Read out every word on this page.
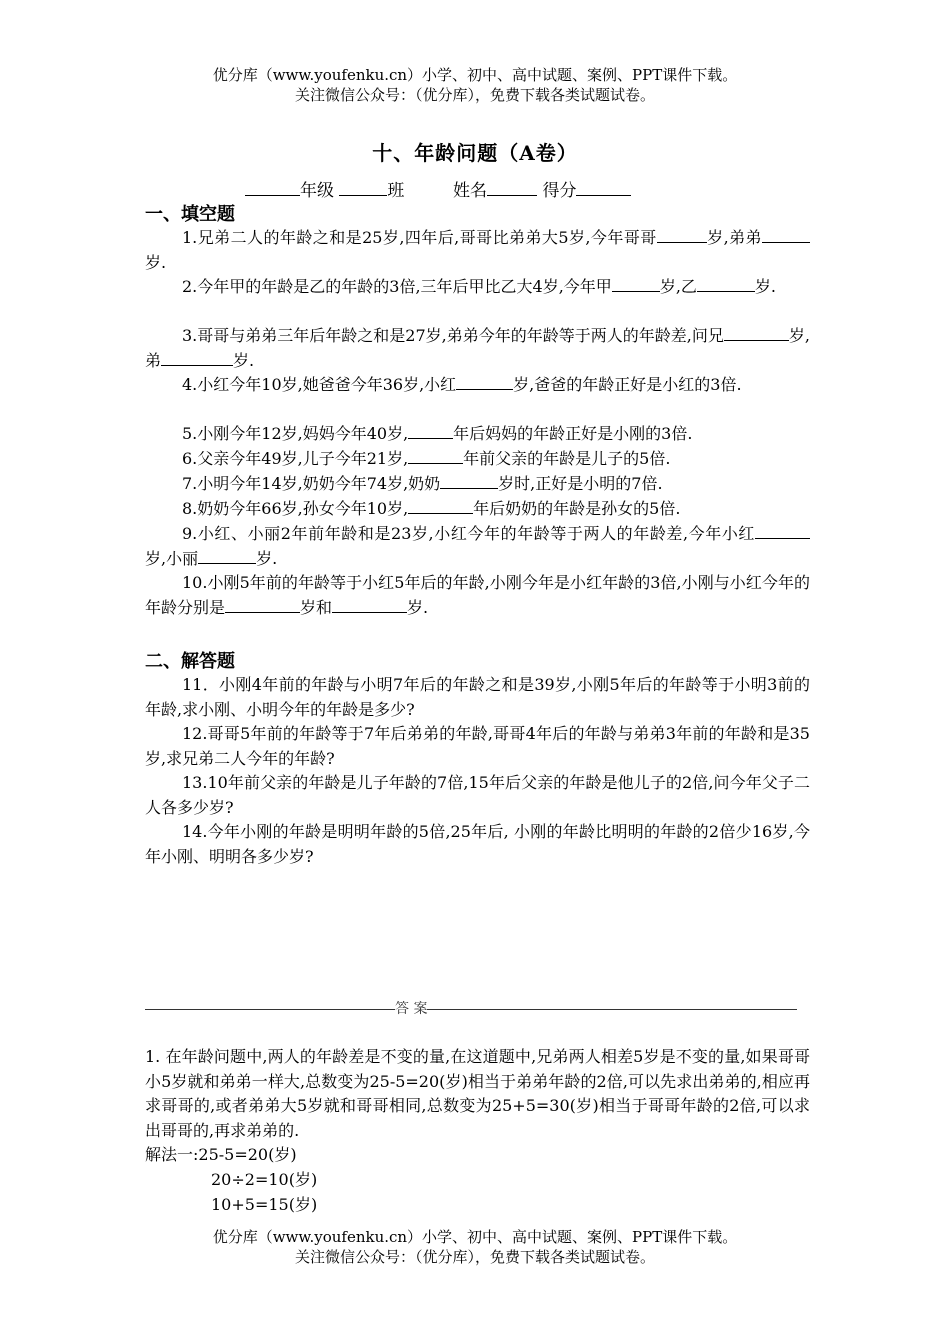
优分库（www.youfenku.cn）小学、初中、高中试题、案例、PPT课件下载。
关注微信公众号：（优分库），免费下载各类试题试卷。
十、年龄问题（A卷）
年级	班	姓名	得分
一、填空题
1.兄弟二人的年龄之和是25岁,四年后,哥哥比弟弟大5岁,今年哥哥	岁,弟弟岁.
2.今年甲的年龄是乙的年龄的3倍,三年后甲比乙大4岁,今年甲	岁,乙	岁.
3.哥哥与弟弟三年后年龄之和是27岁,弟弟今年的年龄等于两人的年龄差,问兄	岁,弟	岁.
4.小红今年10岁,她爸爸今年36岁,小红	岁,爸爸的年龄正好是小红的3倍.
5.小刚今年12岁,妈妈今年40岁,	年后妈妈的年龄正好是小刚的3倍.
6.父亲今年49岁,儿子今年21岁,	年前父亲的年龄是儿子的5倍.
7.小明今年14岁,奶奶今年74岁,奶奶	岁时,正好是小明的7倍.
8.奶奶今年66岁,孙女今年10岁,	年后奶奶的年龄是孙女的5倍.
9.小红、小丽2年前年龄和是23岁,小红今年的年龄等于两人的年龄差,今年小红岁,小丽	岁.
10.小刚5年前的年龄等于小红5年后的年龄,小刚今年是小红年龄的3倍,小刚与小红今年的年龄分别是	岁和	岁.
二、解答题
11．小刚4年前的年龄与小明7年后的年龄之和是39岁,小刚5年后的年龄等于小明3前的年龄,求小刚、小明今年的年龄是多少?
12.哥哥5年前的年龄等于7年后弟弟的年龄,哥哥4年后的年龄与弟弟3年前的年龄和是35岁,求兄弟二人今年的年龄?
13.10年前父亲的年龄是儿子年龄的7倍,15年后父亲的年龄是他儿子的2倍,问今年父子二人各多少岁?
14.今年小刚的年龄是明明年龄的5倍,25年后, 小刚的年龄比明明的年龄的2倍少16岁,今年小刚、明明各多少岁?
答 案
1. 在年龄问题中,两人的年龄差是不变的量,在这道题中,兄弟两人相差5岁是不变的量,如果哥哥小5岁就和弟弟一样大,总数变为25-5=20(岁)相当于弟弟年龄的2倍,可以先求出弟弟的,相应再求哥哥的,或者弟弟大5岁就和哥哥相同,总数变为25+5=30(岁)相当于哥哥年龄的2倍,可以求出哥哥的,再求弟弟的.
解法一:25-5=20(岁)
20÷2=10(岁)
10+5=15(岁)
优分库（www.youfenku.cn）小学、初中、高中试题、案例、PPT课件下载。
关注微信公众号：（优分库），免费下载各类试题试卷。
